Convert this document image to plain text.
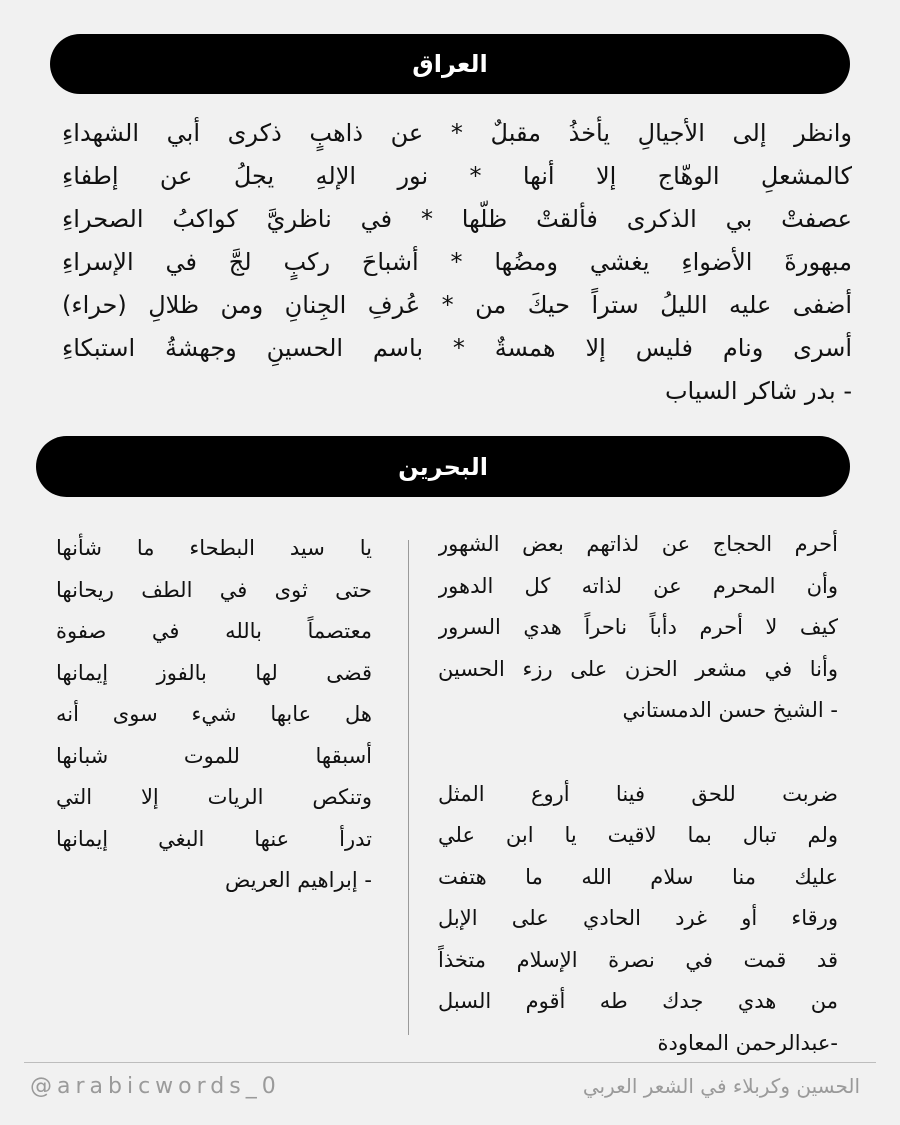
العراق
وانظر إلى الأجيالِ يأخذُ مقبلٌ * عن ذاهبٍ ذكرى أبي الشهداءِ
كالمشعلِ الوهّاج إلا أنها * نور الإلهِ يجلُ عن إطفاءِ
عصفتْ بي الذكرى فألقتْ ظلّها * في ناظريَّ كواكبُ الصحراءِ
مبهورةَ الأضواءِ يغشي ومضُها * أشباحَ ركبٍ لجَّ في الإسراءِ
أضفى عليه الليلُ ستراً حيكَ من * عُرفِ الجِنانِ ومن ظلالِ (حراء)
أسرى ونام فليس إلا همسةٌ * باسم الحسينِ وجهشةُ استبكاءِ
- بدر شاكر السياب
البحرين
أحرم الحجاج عن لذاتهم بعض الشهور
وأن المحرم عن لذاته كل الدهور
كيف لا أحرم دأباً ناحراً هدي السرور
وأنا في مشعر الحزن على رزء الحسين
- الشيخ حسن الدمستاني
ضربت للحق فينا أروع المثل
ولم تبال بما لاقيت يا ابن علي
عليك منا سلام الله ما هتفت
ورقاء أو غرد الحادي على الإبل
قد قمت في نصرة الإسلام متخذاً
من هدي جدك طه أقوم السبل
-عبدالرحمن المعاودة
يا سيد البطحاء ما شأنها
حتى ثوى في الطف ريحانها
معتصماً بالله في صفوة
قضى لها بالفوز إيمانها
هل عابها شيء سوى أنه
أسبقها للموت شبانها
وتنكص الريات إلا التي
تدرأ عنها البغي إيمانها
- إبراهيم العريض
@arabicwords_0	الحسين وكربلاء في الشعر العربي
